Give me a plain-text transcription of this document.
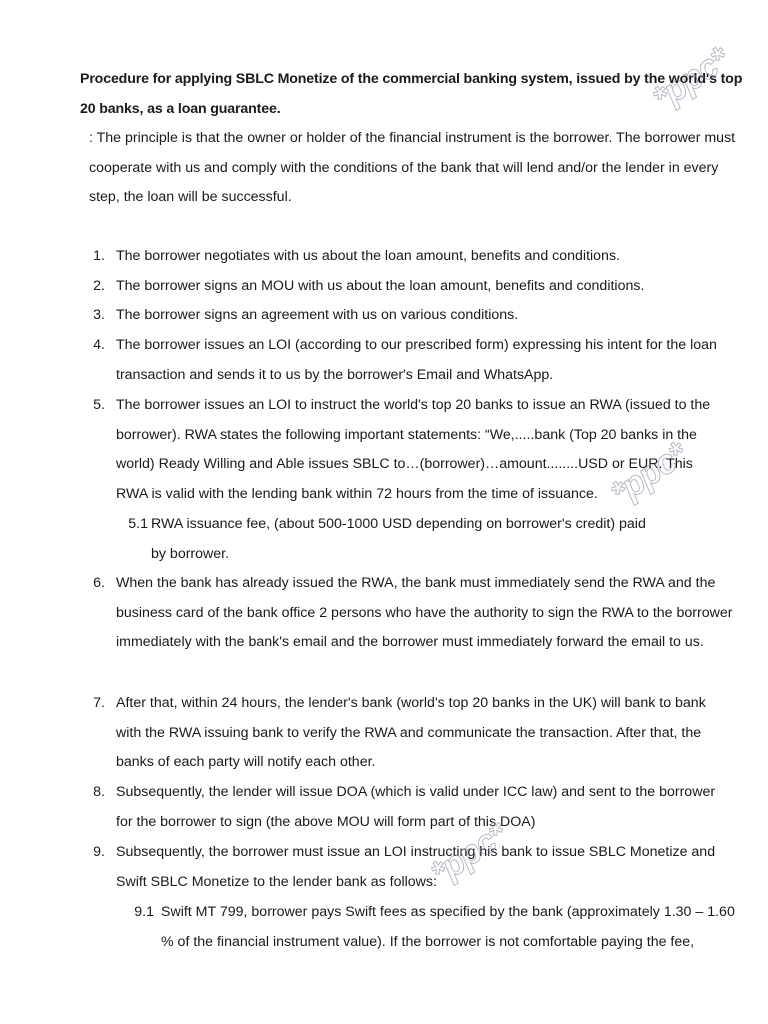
Procedure for applying SBLC Monetize of the commercial banking system, issued by the world's top 20 banks, as a loan guarantee.
: The principle is that the owner or holder of the financial instrument is the borrower. The borrower must cooperate with us and comply with the conditions of the bank that will lend and/or the lender in every step, the loan will be successful.
1. The borrower negotiates with us about the loan amount, benefits and conditions.
2. The borrower signs an MOU with us about the loan amount, benefits and conditions.
3. The borrower signs an agreement with us on various conditions.
4. The borrower issues an LOI (according to our prescribed form) expressing his intent for the loan transaction and sends it to us by the borrower's Email and WhatsApp.
5. The borrower issues an LOI to instruct the world's top 20 banks to issue an RWA (issued to the borrower). RWA states the following important statements: “We,.....bank (Top 20 banks in the world) Ready Willing and Able issues SBLC to…(borrower)…amount........USD or EUR. This RWA is valid with the lending bank within 72 hours from the time of issuance.
5.1 RWA issuance fee, (about 500-1000 USD depending on borrower's credit) paid by borrower.
6. When the bank has already issued the RWA, the bank must immediately send the RWA and the business card of the bank office 2 persons who have the authority to sign the RWA to the borrower immediately with the bank's email and the borrower must immediately forward the email to us.
7. After that, within 24 hours, the lender's bank (world's top 20 banks in the UK) will bank to bank with the RWA issuing bank to verify the RWA and communicate the transaction. After that, the banks of each party will notify each other.
8. Subsequently, the lender will issue DOA (which is valid under ICC law) and sent to the borrower for the borrower to sign (the above MOU will form part of this DOA)
9. Subsequently, the borrower must issue an LOI instructing his bank to issue SBLC Monetize and Swift SBLC Monetize to the lender bank as follows:
9.1 Swift MT 799, borrower pays Swift fees as specified by the bank (approximately 1.30 – 1.60 % of the financial instrument value). If the borrower is not comfortable paying the fee,
*ppc*
*ppc*
*ppc*
